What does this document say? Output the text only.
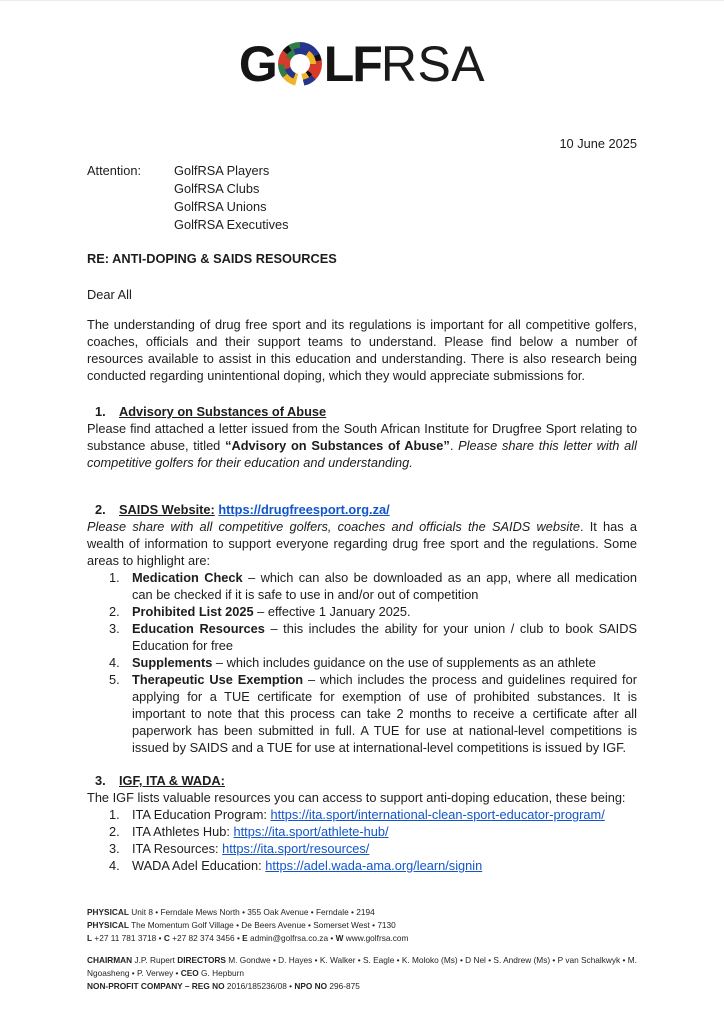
G LFRSA
10 June 2025
Attention:	GolfRSA Players
GolfRSA Clubs
GolfRSA Unions
GolfRSA Executives
RE: ANTI-DOPING & SAIDS RESOURCES
Dear All

The understanding of drug free sport and its regulations is important for all competitive golfers, coaches, officials and their support teams to understand. Please find below a number of resources available to assist in this education and understanding. There is also research being conducted regarding unintentional doping, which they would appreciate submissions for.

1. Advisory on Substances of Abuse

Please find attached a letter issued from the South African Institute for Drugfree Sport relating to substance abuse, titled “Advisory on Substances of Abuse”. Please share this letter with all competitive golfers for their education and understanding.

2. SAIDS Website: https://drugfreesport.org.za/

Please share with all competitive golfers, coaches and officials the SAIDS website. It has a wealth of information to support everyone regarding drug free sport and the regulations. Some areas to highlight are:

1. Medication Check – which can also be downloaded as an app, where all medication can be checked if it is safe to use in and/or out of competition
2. Prohibited List 2025 – effective 1 January 2025.
3. Education Resources – this includes the ability for your union / club to book SAIDS Education for free
4. Supplements – which includes guidance on the use of supplements as an athlete
5. Therapeutic Use Exemption – which includes the process and guidelines required for applying for a TUE certificate for exemption of use of prohibited substances. It is important to note that this process can take 2 months to receive a certificate after all paperwork has been submitted in full. A TUE for use at national-level competitions is issued by SAIDS and a TUE for use at international-level competitions is issued by IGF.
3. IGF, ITA & WADA:

The IGF lists valuable resources you can access to support anti-doping education, these being:

1. ITA Education Program: https://ita.sport/international-clean-sport-educator-program/
2. ITA Athletes Hub: https://ita.sport/athlete-hub/
3. ITA Resources: https://ita.sport/resources/
4. WADA Adel Education: https://adel.wada-ama.org/learn/signin
PHYSICAL Unit 8 • Ferndale Mews North • 355 Oak Avenue • Ferndale • 2194
PHYSICAL The Momentum Golf Village • De Beers Avenue • Somerset West • 7130
L +27 11 781 3718 • C +27 82 374 3456 • E admin@golfrsa.co.za • W www.golfrsa.com
CHAIRMAN J.P. Rupert DIRECTORS M. Gondwe • D. Hayes • K. Walker • S. Eagle • K. Moloko (Ms) • D Nel • S. Andrew (Ms) • P van Schalkwyk • M. Ngoasheng • P. Verwey • CEO G. Hepburn
NON-PROFIT COMPANY – REG NO 2016/185236/08 • NPO NO 296-875
